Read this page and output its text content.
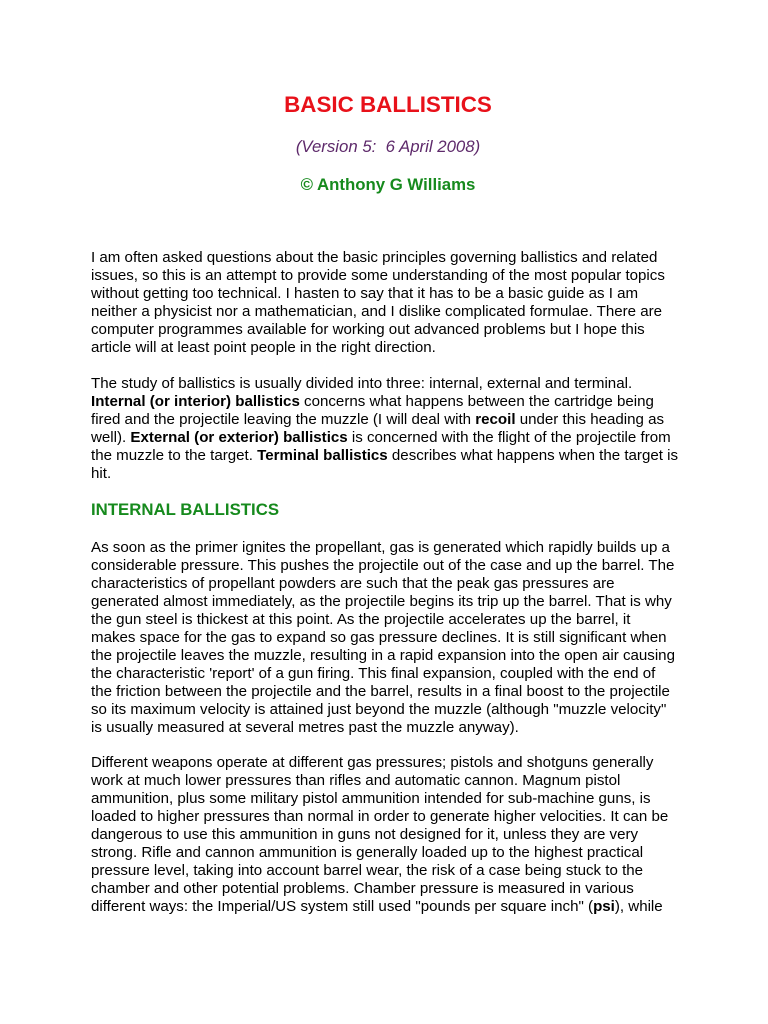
BASIC BALLISTICS
(Version 5:  6 April 2008)
© Anthony G Williams
I am often asked questions about the basic principles governing ballistics and related
issues, so this is an attempt to provide some understanding of the most popular topics
without getting too technical. I hasten to say that it has to be a basic guide as I am
neither a physicist nor a mathematician, and I dislike complicated formulae. There are
computer programmes available for working out advanced problems but I hope this
article will at least point people in the right direction.
The study of ballistics is usually divided into three: internal, external and terminal.
Internal (or interior) ballistics concerns what happens between the cartridge being
fired and the projectile leaving the muzzle (I will deal with recoil under this heading as
well). External (or exterior) ballistics is concerned with the flight of the projectile from
the muzzle to the target. Terminal ballistics describes what happens when the target is
hit.
INTERNAL BALLISTICS
As soon as the primer ignites the propellant, gas is generated which rapidly builds up a
considerable pressure. This pushes the projectile out of the case and up the barrel. The
characteristics of propellant powders are such that the peak gas pressures are
generated almost immediately, as the projectile begins its trip up the barrel. That is why
the gun steel is thickest at this point. As the projectile accelerates up the barrel, it
makes space for the gas to expand so gas pressure declines. It is still significant when
the projectile leaves the muzzle, resulting in a rapid expansion into the open air causing
the characteristic 'report' of a gun firing. This final expansion, coupled with the end of
the friction between the projectile and the barrel, results in a final boost to the projectile
so its maximum velocity is attained just beyond the muzzle (although "muzzle velocity"
is usually measured at several metres past the muzzle anyway).
Different weapons operate at different gas pressures; pistols and shotguns generally
work at much lower pressures than rifles and automatic cannon. Magnum pistol
ammunition, plus some military pistol ammunition intended for sub-machine guns, is
loaded to higher pressures than normal in order to generate higher velocities. It can be
dangerous to use this ammunition in guns not designed for it, unless they are very
strong. Rifle and cannon ammunition is generally loaded up to the highest practical
pressure level, taking into account barrel wear, the risk of a case being stuck to the
chamber and other potential problems. Chamber pressure is measured in various
different ways: the Imperial/US system still used "pounds per square inch" (psi), while
